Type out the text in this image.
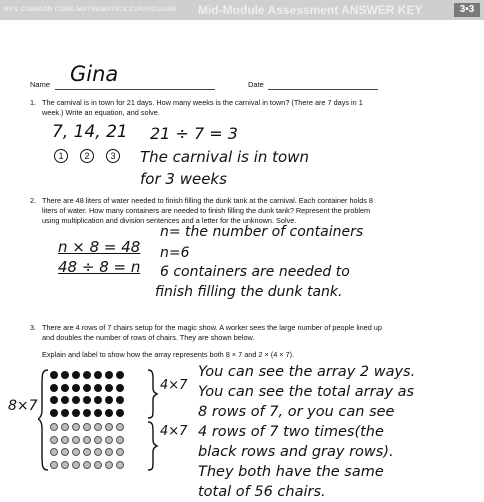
NYS COMMON CORE MATHEMATICS CURRICULUM Mid-Module Assessment ANSWER KEY	3•3
Name Gina	Date
1. The carnival is in town for 21 days. How many weeks is the carnival in town? (There are 7 days in 1
week.) Write an equation, and solve.
7, 14, 21
1 2 3
21 ÷ 7 = 3
The carnival is in town
for 3 weeks
2. There are 48 liters of water needed to finish filling the dunk tank at the carnival. Each container holds 8
liters of water. How many containers are needed to finish filling the dunk tank? Represent the problem
using multiplication and division sentences and a letter for the unknown. Solve.
n × 8 = 48
48 ÷ 8 = n
n= the number of containers
n=6
6 containers are needed to
finish filling the dunk tank.
3. There are 4 rows of 7 chairs setup for the magic show. A worker sees the large number of people lined up
and doubles the number of rows of chairs. They are shown below.
Explain and label to show how the array represents both 8 × 7 and 2 × (4 × 7).
8×7
4×7
4×7
You can see the array 2 ways.
You can see the total array as
8 rows of 7, or you can see
4 rows of 7 two times(the
black rows and gray rows).
They both have the same
total of 56 chairs.
